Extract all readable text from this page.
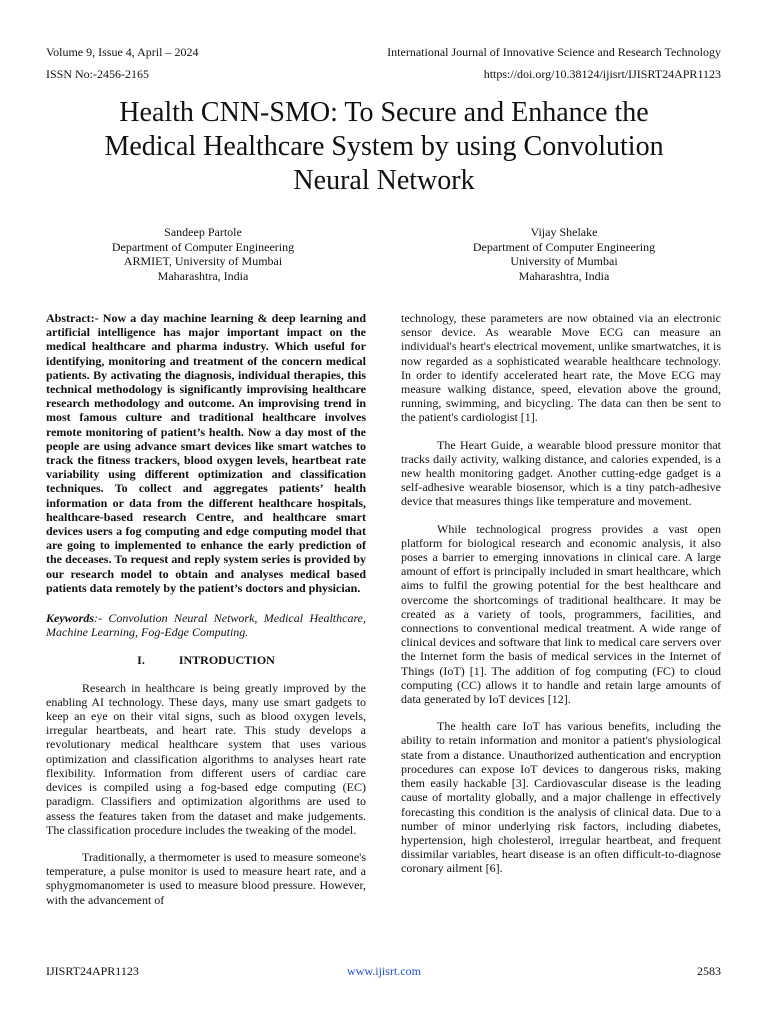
Volume 9, Issue 4, April – 2024	International Journal of Innovative Science and Research Technology
ISSN No:-2456-2165	https://doi.org/10.38124/ijisrt/IJISRT24APR1123
Health CNN-SMO: To Secure and Enhance the
Medical Healthcare System by using Convolution
Neural Network
Sandeep Partole
Department of Computer Engineering
ARMIET, University of Mumbai
Maharashtra, India
Vijay Shelake
Department of Computer Engineering
University of Mumbai
Maharashtra, India

Abstract:- Now a day machine learning & deep learning and artificial intelligence has major important impact on the medical healthcare and pharma industry. Which useful for identifying, monitoring and treatment of the concern medical patients. By activating the diagnosis, individual therapies, this technical methodology is significantly improvising healthcare research methodology and outcome. An improvising trend in most famous culture and traditional healthcare involves remote monitoring of patient’s health. Now a day most of the people are using advance smart devices like smart watches to track the fitness trackers, blood oxygen levels, heartbeat rate variability using different optimization and classification techniques. To collect and aggregates patients’ health information or data from the different healthcare hospitals, healthcare-based research Centre, and healthcare smart devices users a fog computing and edge computing model that are going to implemented to enhance the early prediction of the deceases. To request and reply system series is provided by our research model to obtain and analyses medical based patients data remotely by the patient’s doctors and physician.

Keywords:- Convolution Neural Network, Medical Healthcare, Machine Learning, Fog-Edge Computing.

I.	INTRODUCTION

Research in healthcare is being greatly improved by the enabling AI technology. These days, many use smart gadgets to keep an eye on their vital signs, such as blood oxygen levels, irregular heartbeats, and heart rate. This study develops a revolutionary medical healthcare system that uses various optimization and classification algorithms to analyses heart rate flexibility. Information from different users of cardiac care devices is compiled using a fog-based edge computing (EC) paradigm. Classifiers and optimization algorithms are used to assess the features taken from the dataset and make judgements. The classification procedure includes the tweaking of the model.

Traditionally, a thermometer is used to measure someone's temperature, a pulse monitor is used to measure heart rate, and a sphygmomanometer is used to measure blood pressure. However, with the advancement of

technology, these parameters are now obtained via an electronic sensor device. As wearable Move ECG can measure an individual's heart's electrical movement, unlike smartwatches, it is now regarded as a sophisticated wearable healthcare technology. In order to identify accelerated heart rate, the Move ECG may measure walking distance, speed, elevation above the ground, running, swimming, and bicycling. The data can then be sent to the patient's cardiologist [1].

The Heart Guide, a wearable blood pressure monitor that tracks daily activity, walking distance, and calories expended, is a new health monitoring gadget. Another cutting-edge gadget is a self-adhesive wearable biosensor, which is a tiny patch-adhesive device that measures things like temperature and movement.

While technological progress provides a vast open platform for biological research and economic analysis, it also poses a barrier to emerging innovations in clinical care. A large amount of effort is principally included in smart healthcare, which aims to fulfil the growing potential for the best healthcare and overcome the shortcomings of traditional healthcare. It may be created as a variety of tools, programmers, facilities, and connections to conventional medical treatment. A wide range of clinical devices and software that link to medical care servers over the Internet form the basis of medical services in the Internet of Things (IoT) [1]. The addition of fog computing (FC) to cloud computing (CC) allows it to handle and retain large amounts of data generated by IoT devices [12].

The health care IoT has various benefits, including the ability to retain information and monitor a patient's physiological state from a distance. Unauthorized authentication and encryption procedures can expose IoT devices to dangerous risks, making them easily hackable [3]. Cardiovascular disease is the leading cause of mortality globally, and a major challenge in effectively forecasting this condition is the analysis of clinical data. Due to a number of minor underlying risk factors, including diabetes, hypertension, high cholesterol, irregular heartbeat, and frequent dissimilar variables, heart disease is an often difficult-to-diagnose coronary ailment [6].

IJISRT24APR1123	www.ijisrt.com	2583
